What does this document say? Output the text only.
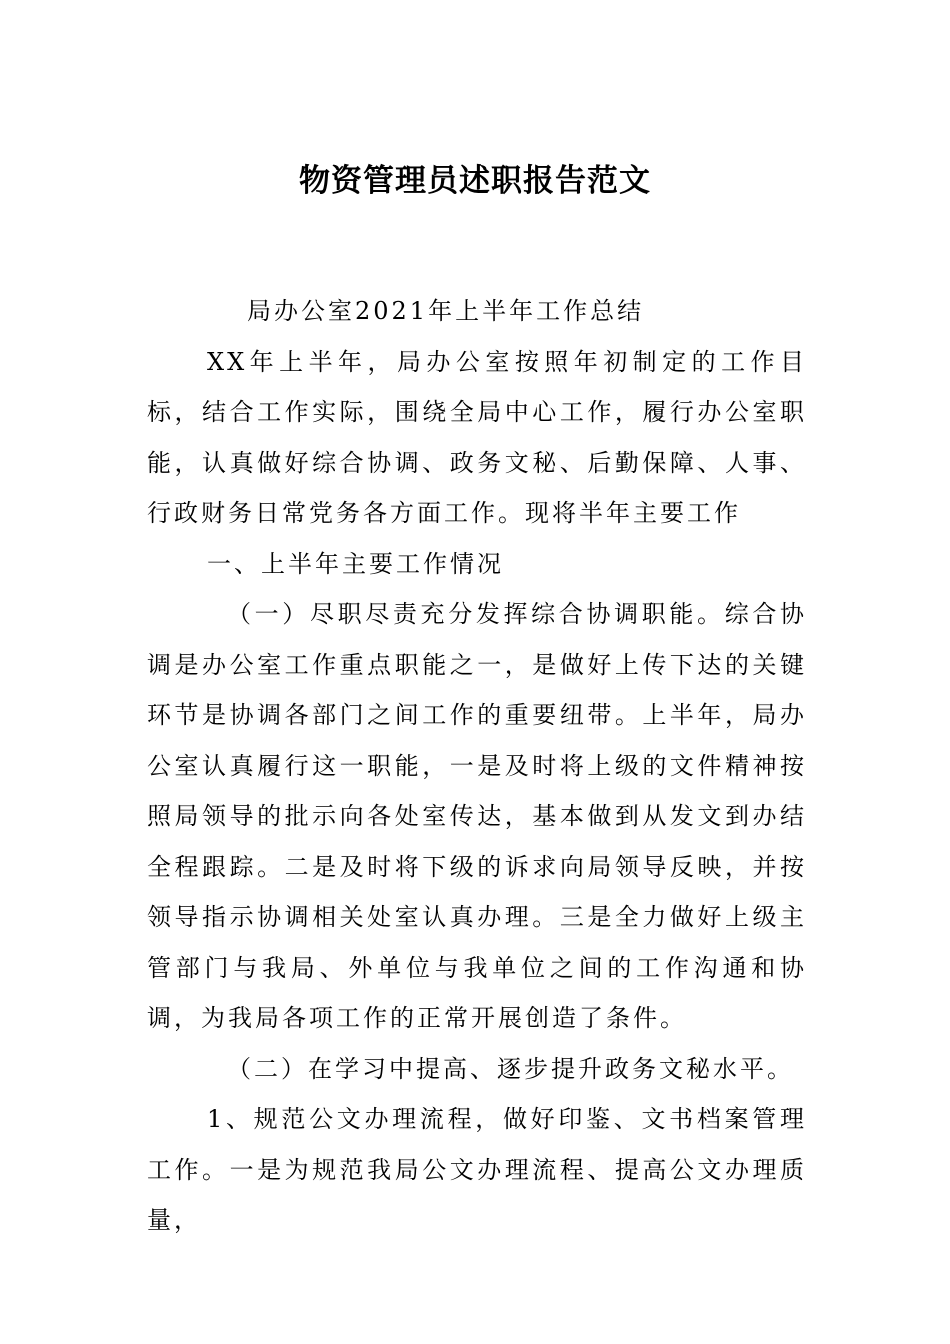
物资管理员述职报告范文

局办公室2021年上半年工作总结

XX年上半年，局办公室按照年初制定的工作目标，结合工作实际，围绕全局中心工作，履行办公室职能，认真做好综合协调、政务文秘、后勤保障、人事、行政财务日常党务各方面工作。现将半年主要工作

一、上半年主要工作情况

（一）尽职尽责充分发挥综合协调职能。综合协调是办公室工作重点职能之一，是做好上传下达的关键环节是协调各部门之间工作的重要纽带。上半年，局办公室认真履行这一职能，一是及时将上级的文件精神按照局领导的批示向各处室传达，基本做到从发文到办结全程跟踪。二是及时将下级的诉求向局领导反映，并按领导指示协调相关处室认真办理。三是全力做好上级主管部门与我局、外单位与我单位之间的工作沟通和协调，为我局各项工作的正常开展创造了条件。

（二）在学习中提高、逐步提升政务文秘水平。

1、规范公文办理流程，做好印鉴、文书档案管理工作。一是为规范我局公文办理流程、提高公文办理质量，
